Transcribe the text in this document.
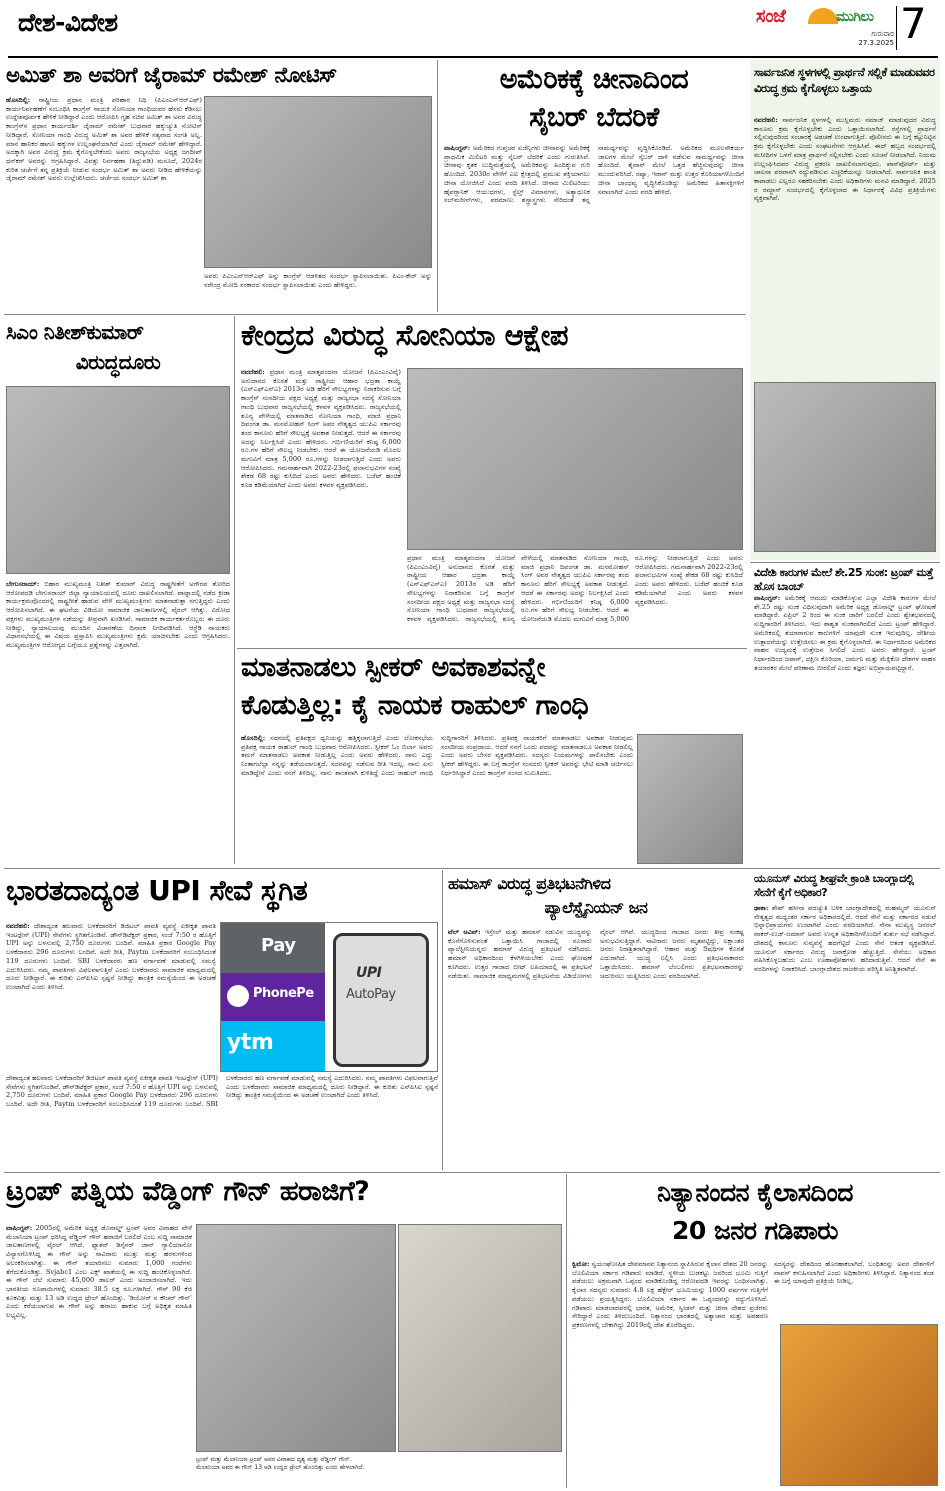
ದೇಶ-ವಿದೇಶ	ಸಂಜೆ	ಮುಗಿಲು
ಗುರುವಾರ
27.3.2025 7
ಅಮಿತ್ ಶಾ ಅವರಿಗೆ ಜೈರಾಮ್ ರಮೇಶ್ ನೋಟಿಸ್
ಹೊಸದಿಲ್ಲಿ: ರಾಷ್ಟ್ರೀಯ ಪ್ರಧಾನ ಮಂತ್ರಿ ಪರಿಹಾರ ನಿಧಿ (ಪಿಎಂಎನ್‍ಆರ್‍ಎಫ್) ಕಾರ್ಯನಿರ್ವಹಣೆಗೆ ಸಂಬಂಧಿಸಿ ಕಾಂಗ್ರೆಸ್ ನಾಯಕಿ ಸೋನಿಯಾ ಗಾಂಧಿಯವರ ಹೆಸರು ಕೆಡಿಸಲು ಉದ್ದೇಶಪೂರ್ವಕ ಹೇಳಿಕೆ ನೀಡಿದ್ದಾರೆ ಎಂದು ಆರೋಪಿಸಿ ಗೃಹ ಸಚಿವ ಅಮಿತ್ ಶಾ ಅವರ ವಿರುದ್ಧ ಕಾಂಗ್ರೆಸ್‍ನ ಪ್ರಧಾನ ಕಾರ್ಯದರ್ಶಿ ಜೈರಾಮ್ ರಮೇಶ್ ಬುಧವಾರ ಹಕ್ಕುಚ್ಯುತಿ ನೋಟಿಸ್ ನೀಡಿದ್ದಾರೆ. ಸೋನಿಯಾ ಗಾಂಧಿ ವಿರುದ್ಧ ಅಮಿತ್ ಶಾ ಅವರ ಹೇಳಿಕೆ ಸತ್ಯವಾದ ಸಂಗತಿ ಅಲ್ಲ. ಮಾನ ಹಾನಿಕರ ಹಾಗೂ ಹಕ್ಕುಗಳ ಉಲ್ಲಂಘನೆಯಾಗಿದೆ ಎಂದು ಜೈರಾಮ್ ರಮೇಶ್ ಹೇಳಿದ್ದಾರೆ. ಅದಕ್ಕಾಗಿ ಅವರ ವಿರುದ್ಧ ಕ್ರಮ ಕೈಗೊಳ್ಳಬೇಕೆಂದು ಅವರು ರಾಜ್ಯಸಭೆಯ ಅಧ್ಯಕ್ಷ ಜಗದೀಪ್ ಧನ್‍ಕರ್ ಅವರನ್ನು ಆಗ್ರಹಿಸಿದ್ದಾರೆ. ವಿಪತ್ತು ನಿರ್ವಹಣಾ (ತಿದ್ದುಪಡಿ) ಮಸೂದೆ, 2024ರ ಕುರಿತ ಚರ್ಚೆಗೆ ತನ್ನ ಪ್ರತಿಕ್ರಿಯೆ ನೀಡುವ ಸಂದರ್ಭ ಅಮಿತ್ ಶಾ ಅವರು ನೀಡಿದ ಹೇಳಿಕೆಯನ್ನು ಜೈರಾಮ್ ರಮೇಶ್ ಅವರು ಉಲ್ಲೇಖಿಸಿದರು. ಚರ್ಚೆಯ ಸಂದರ್ಭ ಅಮಿತ್ ಶಾ
ಅವರು ಪಿಎಂಎನ್‍ಆರ್‍ಎಫ್ ಅನ್ನು ಕಾಂಗ್ರೆಸ್ ಆಡಳಿತದ ಸಂದರ್ಭ ಸ್ಥಾಪಿಸಲಾಯಿತು. ಪಿಎಂ-ಕೇರ್ ಅನ್ನು ನರೇಂದ್ರ ಮೋದಿ ಸರಕಾರದ ಸಂದರ್ಭ ಸ್ಥಾಪಿಸಲಾಯಿತು ಎಂದು ಹೇಳಿದ್ದರು.
ಅಮೆರಿಕಕ್ಕೆ ಚೀನಾದಿಂದ
ಸೈಬರ್ ಬೆದರಿಕೆ
ವಾಷಿಂಗ್ಟನ್: ಅಮೆರಿಕದ ಗುಪ್ತಚರ ಏಜೆನ್ಸಿಗಳು ಚೀನಾವನ್ನು ಅಮೆರಿಕಕ್ಕೆ ಪ್ರಾಥಮಿಕ ಮಿಲಿಟರಿ ಮತ್ತು ಸೈಬರ್ ಬೆದರಿಕೆ ಎಂದು ಗುರುತಿಸಿವೆ. ಚೀನಾವು ಕೃತಕ ಬುದ್ಧಿಮತ್ತೆಯಲ್ಲಿ ಅಮೆರಿಕವನ್ನು ಹಿಂದಿಕ್ಕುವ ಗುರಿ ಹೊಂದಿದೆ. 2030ರ ವೇಳೆಗೆ ಎಐ ಕ್ಷೇತ್ರದಲ್ಲಿ ಪ್ರಮುಖ ಶಕ್ತಿಯಾಗಲು ಚೀನಾ ಯೋಜಿಸಿದೆ ಎಂದು ವರದಿ ತಿಳಿಸಿದೆ. ಚೀನಾದ ಮಿಲಿಟರಿಯು ಹೈಪರ್‍ಸಾನಿಕ್ ಆಯುಧಗಳು, ಸ್ಟೆಲ್ತ್ ವಿಮಾನಗಳು, ಅತ್ಯಾಧುನಿಕ ಸಬ್‍ಮರೀನ್‍ಗಳು, ಪರಮಾಣು ಶಸ್ತ್ರಾಸ್ತ್ರಗಳು ಸೇರಿದಂತೆ ತನ್ನ ಸಾಮರ್ಥ್ಯವನ್ನು ವೃದ್ಧಿಸಿಕೊಂಡಿದೆ. ಅಮೆರಿಕದ ಮೂಲಸೌಕರ್ಯ ಜಾಲಗಳ ಮೇಲೆ ಸೈಬರ್ ದಾಳಿ ನಡೆಸುವ ಸಾಮರ್ಥ್ಯವನ್ನು ಚೀನಾ ಹೊಂದಿದೆ. ತೈವಾನ್ ಮೇಲೆ ಒತ್ತಡ ಹೆಚ್ಚಿಸುವುದನ್ನು ಚೀನಾ ಮುಂದುವರಿಸಿದೆ. ರಷ್ಯಾ, ಇರಾನ್ ಮತ್ತು ಉತ್ತರ ಕೊರಿಯಾಗಳೊಂದಿಗೆ ಚೀನಾ ಬಾಂಧವ್ಯ ವೃದ್ಧಿಸಿಕೊಂಡಿದ್ದು ಅಮೆರಿಕದ ಹಿತಾಸಕ್ತಿಗಳಿಗೆ ಸವಾಲಾಗಿದೆ ಎಂದು ವರದಿ ಹೇಳಿದೆ.
ಸಾರ್ವಜನಿಕ ಸ್ಥಳಗಳಲ್ಲಿ ಪ್ರಾರ್ಥನೆ ಸಲ್ಲಿಕೆ ಮಾಡುವವರ ವಿರುದ್ಧ ಕ್ರಮ ಕೈಗೊಳ್ಳಲು ಒತ್ತಾಯ
ನವದೆಹಲಿ: ಸಾರ್ವಜನಿಕ ಸ್ಥಳಗಳಲ್ಲಿ ಮುಸ್ಲಿಮರು ನಮಾಜ್ ಮಾಡುವುದರ ವಿರುದ್ಧ ಕಾನೂನು ಕ್ರಮ ಕೈಗೊಳ್ಳಬೇಕು ಎಂದು ಒತ್ತಾಯಿಸಲಾಗಿದೆ. ರಸ್ತೆಗಳಲ್ಲಿ ಪ್ರಾರ್ಥನೆ ಸಲ್ಲಿಸುವುದರಿಂದ ಸಂಚಾರಕ್ಕೆ ಅಡಚಣೆ ಉಂಟಾಗುತ್ತಿದೆ. ಪೊಲೀಸರು ಈ ಬಗ್ಗೆ ಕಟ್ಟುನಿಟ್ಟಿನ ಕ್ರಮ ಕೈಗೊಳ್ಳಬೇಕು ಎಂದು ಸಂಘಟನೆಗಳು ಆಗ್ರಹಿಸಿವೆ. ಈದ್ ಹಬ್ಬದ ಸಂದರ್ಭದಲ್ಲಿ ಮಸೀದಿಗಳ ಒಳಗೆ ಮಾತ್ರ ಪ್ರಾರ್ಥನೆ ಸಲ್ಲಿಸಬೇಕು ಎಂದು ಸೂಚನೆ ನೀಡಲಾಗಿದೆ. ನಿಯಮ ಉಲ್ಲಂಘಿಸಿದವರ ವಿರುದ್ಧ ಪ್ರಕರಣ ದಾಖಲಿಸಲಾಗುವುದು. ಪಾಸ್‍ಪೋರ್ಟ್ ಮತ್ತು ಚಾಲನಾ ಪರವಾನಗಿ ರದ್ದುಪಡಿಸುವ ಎಚ್ಚರಿಕೆಯನ್ನೂ ನೀಡಲಾಗಿದೆ. ಸಾರ್ವಜನಿಕ ಶಾಂತಿ ಕಾಪಾಡಲು ಎಲ್ಲರೂ ಸಹಕರಿಸಬೇಕು ಎಂದು ಅಧಿಕಾರಿಗಳು ಮನವಿ ಮಾಡಿದ್ದಾರೆ. 2025 ರ ರಮ್ಜಾನ್ ಸಂದರ್ಭದಲ್ಲಿ ಕೈಗೊಳ್ಳಲಾದ ಈ ನಿರ್ಧಾರಕ್ಕೆ ವಿವಿಧ ಪ್ರತಿಕ್ರಿಯೆಗಳು ವ್ಯಕ್ತವಾಗಿವೆ.
ಸಿಎಂ ನಿತೀಶ್‍ಕುಮಾರ್
ವಿರುದ್ಧದೂರು
ಬೇಗುಸರಾಯ್: ಬಿಹಾರ ಮುಖ್ಯಮಂತ್ರಿ ನಿತೀಶ್ ಕುಮಾರ್ ವಿರುದ್ಧ ರಾಷ್ಟ್ರಗೀತೆಗೆ ಅಗೌರವ ತೋರಿದ ಆರೋಪದಡಿ ಬೇಗುಸರಾಯ್ ಜಿಲ್ಲಾ ನ್ಯಾಯಾಲಯದಲ್ಲಿ ದೂರು ದಾಖಲಿಸಲಾಗಿದೆ. ಪಾಟ್ನಾದಲ್ಲಿ ನಡೆದ ಕ್ರೀಡಾ ಕಾರ್ಯಕ್ರಮವೊಂದರಲ್ಲಿ ರಾಷ್ಟ್ರಗೀತೆ ಹಾಡುವ ವೇಳೆ ಮುಖ್ಯಮಂತ್ರಿಗಳು ಮಾತನಾಡುತ್ತಾ ನಗುತ್ತಿದ್ದರು ಎಂದು ಆರೋಪಿಸಲಾಗಿದೆ. ಈ ಘಟನೆಯ ವಿಡಿಯೋ ಸಾಮಾಜಿಕ ಜಾಲತಾಣಗಳಲ್ಲಿ ವೈರಲ್ ಆಗಿತ್ತು. ವಿರೋಧ ಪಕ್ಷಗಳು ಮುಖ್ಯಮಂತ್ರಿಗಳ ನಡೆಯನ್ನು ತೀವ್ರವಾಗಿ ಖಂಡಿಸಿವೆ. ಸಾಮಾಜಿಕ ಕಾರ್ಯಕರ್ತರೊಬ್ಬರು ಈ ದೂರು ನೀಡಿದ್ದು, ನ್ಯಾಯಾಲಯವು ಮುಂದಿನ ವಿಚಾರಣೆಯ ದಿನಾಂಕ ನಿಗದಿಪಡಿಸಿದೆ. ಆರ್‍ಜೆಡಿ ನಾಯಕರು ವಿಧಾನಸಭೆಯಲ್ಲಿ ಈ ವಿಷಯ ಪ್ರಸ್ತಾಪಿಸಿ ಮುಖ್ಯಮಂತ್ರಿಗಳು ಕ್ಷಮೆ ಯಾಚಿಸಬೇಕು ಎಂದು ಆಗ್ರಹಿಸಿದರು. ಮುಖ್ಯಮಂತ್ರಿಗಳ ಆರೋಗ್ಯದ ಬಗ್ಗೆಯೂ ಪ್ರಶ್ನೆಗಳನ್ನು ಎತ್ತಲಾಗಿದೆ.
ಕೇಂದ್ರದ ವಿರುದ್ಧ ಸೋನಿಯಾ ಆಕ್ಷೇಪ
ನವದೆಹಲಿ: ಪ್ರಧಾನ ಮಂತ್ರಿ ಮಾತೃವಂದನಾ ಯೋಜನೆ (ಪಿಎಂಎಂವಿವೈ) ಅನುದಾನದ ಕೊರತೆ ಮತ್ತು ರಾಷ್ಟ್ರೀಯ ಆಹಾರ ಭದ್ರತಾ ಕಾಯ್ದೆ (ಎನ್‍ಎಫ್‍ಎಸ್‍ಎ) 2013ರ ಅಡಿ ಹೆರಿಗೆ ಸೌಲಭ್ಯಗಳನ್ನು ನಿರಾಕರಿಸುವ ಬಗ್ಗೆ ಕಾಂಗ್ರೆಸ್ ಸಂಸದೀಯ ಪಕ್ಷದ ಅಧ್ಯಕ್ಷೆ ಮತ್ತು ರಾಜ್ಯಸಭಾ ಸದಸ್ಯೆ ಸೋನಿಯಾ ಗಾಂಧಿ ಬುಧವಾರ ರಾಜ್ಯಸಭೆಯಲ್ಲಿ ಕಳವಳ ವ್ಯಕ್ತಪಡಿಸಿದರು. ರಾಜ್ಯಸಭೆಯಲ್ಲಿ ಶೂನ್ಯ ವೇಳೆಯಲ್ಲಿ ಮಾತನಾಡಿದ ಸೋನಿಯಾ ಗಾಂಧಿ, ಮಾಜಿ ಪ್ರಧಾನಿ ದಿವಂಗತ ಡಾ. ಮನಮೋಹನ್ ಸಿಂಗ್ ಅವರ ನೇತೃತ್ವದ ಯುಪಿಎ ಸರ್ಕಾರವು ತಂದ ಕಾನೂನು ಹೆರಿಗೆ ಸೌಲಭ್ಯಕ್ಕೆ ಅವಕಾಶ ನೀಡುತ್ತದೆ. ಆದರೆ ಈ ಸರ್ಕಾರವು ಅದನ್ನು ನಿರ್ಲಕ್ಷಿಸಿದೆ ಎಂದು ಹೇಳಿದರು. ಗರ್ಭಿಣಿಯರಿಗೆ ಕನಿಷ್ಠ 6,000 ರೂ.ಗಳ ಹೆರಿಗೆ ಸೌಲಭ್ಯ ನೀಡಬೇಕು. ಆದರೆ ಈ ಯೋಜನೆಯಡಿ ಮೊದಲ ಮಗುವಿಗೆ ಮಾತ್ರ 5,000 ರೂ.ಗಳನ್ನು ನೀಡಲಾಗುತ್ತಿದೆ ಎಂದು ಅವರು ಆರೋಪಿಸಿದರು. ಗಮನಾರ್ಹವಾಗಿ 2022-23ರಲ್ಲಿ ಫಲಾನುಭವಿಗಳ ಸಂಖ್ಯೆ ಶೇಕಡ 68 ರಷ್ಟು ಕುಸಿದಿದೆ ಎಂದು ಅವರು ಹೇಳಿದರು. ಬಜೆಟ್ ಹಂಚಿಕೆ ಕೂಡ ಕಡಿಮೆಯಾಗಿದೆ ಎಂದು ಅವರು ಕಳವಳ ವ್ಯಕ್ತಪಡಿಸಿದರು.
ಪ್ರಧಾನ ಮಂತ್ರಿ ಮಾತೃವಂದನಾ ಯೋಜನೆ (ಪಿಎಂಎಂವಿವೈ) ಅನುದಾನದ ಕೊರತೆ ಮತ್ತು ರಾಷ್ಟ್ರೀಯ ಆಹಾರ ಭದ್ರತಾ ಕಾಯ್ದೆ (ಎನ್‍ಎಫ್‍ಎಸ್‍ಎ) 2013ರ ಅಡಿ ಹೆರಿಗೆ ಸೌಲಭ್ಯಗಳನ್ನು ನಿರಾಕರಿಸುವ ಬಗ್ಗೆ ಕಾಂಗ್ರೆಸ್ ಸಂಸದೀಯ ಪಕ್ಷದ ಅಧ್ಯಕ್ಷೆ ಮತ್ತು ರಾಜ್ಯಸಭಾ ಸದಸ್ಯೆ ಸೋನಿಯಾ ಗಾಂಧಿ ಬುಧವಾರ ರಾಜ್ಯಸಭೆಯಲ್ಲಿ ಕಳವಳ ವ್ಯಕ್ತಪಡಿಸಿದರು. ರಾಜ್ಯಸಭೆಯಲ್ಲಿ ಶೂನ್ಯ ವೇಳೆಯಲ್ಲಿ ಮಾತನಾಡಿದ ಸೋನಿಯಾ ಗಾಂಧಿ, ಮಾಜಿ ಪ್ರಧಾನಿ ದಿವಂಗತ ಡಾ. ಮನಮೋಹನ್ ಸಿಂಗ್ ಅವರ ನೇತೃತ್ವದ ಯುಪಿಎ ಸರ್ಕಾರವು ತಂದ ಕಾನೂನು ಹೆರಿಗೆ ಸೌಲಭ್ಯಕ್ಕೆ ಅವಕಾಶ ನೀಡುತ್ತದೆ. ಆದರೆ ಈ ಸರ್ಕಾರವು ಅದನ್ನು ನಿರ್ಲಕ್ಷಿಸಿದೆ ಎಂದು ಹೇಳಿದರು. ಗರ್ಭಿಣಿಯರಿಗೆ ಕನಿಷ್ಠ 6,000 ರೂ.ಗಳ ಹೆರಿಗೆ ಸೌಲಭ್ಯ ನೀಡಬೇಕು. ಆದರೆ ಈ ಯೋಜನೆಯಡಿ ಮೊದಲ ಮಗುವಿಗೆ ಮಾತ್ರ 5,000 ರೂ.ಗಳನ್ನು ನೀಡಲಾಗುತ್ತಿದೆ ಎಂದು ಅವರು ಆರೋಪಿಸಿದರು. ಗಮನಾರ್ಹವಾಗಿ 2022-23ರಲ್ಲಿ ಫಲಾನುಭವಿಗಳ ಸಂಖ್ಯೆ ಶೇಕಡ 68 ರಷ್ಟು ಕುಸಿದಿದೆ ಎಂದು ಅವರು ಹೇಳಿದರು. ಬಜೆಟ್ ಹಂಚಿಕೆ ಕೂಡ ಕಡಿಮೆಯಾಗಿದೆ ಎಂದು ಅವರು ಕಳವಳ ವ್ಯಕ್ತಪಡಿಸಿದರು.
ವಿದೇಶಿ ಕಾರುಗಳ ಮೇಲೆ ಶೇ.25 ಸುಂಕ: ಟ್ರಂಪ್ ಮತ್ತೆ ಹೊಸ ಬಾಂಬ್
ವಾಷಿಂಗ್ಟನ್: ಅಮೆರಿಕಕ್ಕೆ ಆಮದು ಮಾಡಿಕೊಳ್ಳುವ ಎಲ್ಲಾ ವಿದೇಶಿ ಕಾರುಗಳ ಮೇಲೆ ಶೇ.25 ರಷ್ಟು ಸುಂಕ ವಿಧಿಸುವುದಾಗಿ ಅಮೆರಿಕ ಅಧ್ಯಕ್ಷ ಡೊನಾಲ್ಡ್ ಟ್ರಂಪ್ ಘೋಷಣೆ ಮಾಡಿದ್ದಾರೆ. ಏಪ್ರಿಲ್ 2 ರಿಂದ ಈ ಸುಂಕ ಜಾರಿಗೆ ಬರಲಿದೆ ಎಂದು ಶ್ವೇತಭವನದಲ್ಲಿ ಸುದ್ದಿಗಾರರಿಗೆ ತಿಳಿಸಿದರು. ಇದು ಶಾಶ್ವತ ಸುಂಕವಾಗಿರಲಿದೆ ಎಂದು ಟ್ರಂಪ್ ಹೇಳಿದ್ದಾರೆ. ಅಮೆರಿಕದಲ್ಲಿ ತಯಾರಾಗುವ ಕಾರುಗಳಿಗೆ ಯಾವುದೇ ಸುಂಕ ಇರುವುದಿಲ್ಲ. ದೇಶೀಯ ಉತ್ಪಾದನೆಯನ್ನು ಉತ್ತೇಜಿಸಲು ಈ ಕ್ರಮ ಕೈಗೊಳ್ಳಲಾಗಿದೆ. ಈ ನಿರ್ಧಾರದಿಂದ ಅಮೆರಿಕದ ವಾಹನ ಉದ್ಯಮಕ್ಕೆ ಉತ್ತೇಜನ ಸಿಗಲಿದೆ ಎಂದು ಅವರು ಹೇಳಿದ್ದಾರೆ. ಟ್ರಂಪ್ ನಿರ್ಧಾರದಿಂದ ಜಪಾನ್, ದಕ್ಷಿಣ ಕೊರಿಯಾ, ಜರ್ಮನಿ ಮತ್ತು ಮೆಕ್ಸಿಕೋ ದೇಶಗಳ ವಾಹನ ತಯಾರಕರ ಮೇಲೆ ಪರಿಣಾಮ ಬೀರಲಿದೆ ಎಂದು ತಜ್ಞರು ಅಭಿಪ್ರಾಯಪಟ್ಟಿದ್ದಾರೆ.
ಮಾತನಾಡಲು ಸ್ಪೀಕರ್ ಅವಕಾಶವನ್ನೇ
ಕೊಡುತ್ತಿಲ್ಲ: ಕೈ ನಾಯಕ ರಾಹುಲ್ ಗಾಂಧಿ
ಹೊಸದಿಲ್ಲಿ: ಸದನದಲ್ಲಿ ಪ್ರತಿಪಕ್ಷದ ಧ್ವನಿಯನ್ನು ಹತ್ತಿಕ್ಕಲಾಗುತ್ತಿದೆ ಎಂದು ಲೋಕಸಭೆಯ ಪ್ರತಿಪಕ್ಷ ನಾಯಕ ರಾಹುಲ್ ಗಾಂಧಿ ಬುಧವಾರ ಆರೋಪಿಸಿದರು. ಸ್ಪೀಕರ್ ಓಂ ಬಿರ್ಲಾ ಅವರು ತಮಗೆ ಮಾತನಾಡಲು ಅವಕಾಶ ನೀಡುತ್ತಿಲ್ಲ ಎಂದು ಅವರು ಹೇಳಿದರು. ನಾನು ಎದ್ದು ನಿಂತಾಗಲೆಲ್ಲಾ ನನ್ನನ್ನು ತಡೆಯಲಾಗುತ್ತದೆ. ಸದನವನ್ನು ನಡೆಸುವ ರೀತಿ ಇದಲ್ಲ. ನಾನು ಏನು ಮಾಡಿದ್ದೇನೆ ಎಂದು ನನಗೆ ತಿಳಿದಿಲ್ಲ. ನಾನು ಶಾಂತವಾಗಿ ಕುಳಿತಿದ್ದೆ ಎಂದು ರಾಹುಲ್ ಗಾಂಧಿ ಸುದ್ದಿಗಾರರಿಗೆ ತಿಳಿಸಿದರು. ಪ್ರತಿಪಕ್ಷ ನಾಯಕರಿಗೆ ಮಾತನಾಡಲು ಅವಕಾಶ ನೀಡುವುದು ಸಂಸದೀಯ ಸಂಪ್ರದಾಯ. ಆದರೆ ನನಗೆ ಒಂದು ಪದವನ್ನು ಮಾತನಾಡಲೂ ಅವಕಾಶ ನೀಡಲಿಲ್ಲ ಎಂದು ಅವರು ಬೇಸರ ವ್ಯಕ್ತಪಡಿಸಿದರು. ಸದಸ್ಯರು ನಿಯಮಗಳನ್ನು ಪಾಲಿಸಬೇಕು ಎಂದು ಸ್ಪೀಕರ್ ಹೇಳಿದ್ದರು. ಈ ಬಗ್ಗೆ ಕಾಂಗ್ರೆಸ್ ಸಂಸದರು ಸ್ಪೀಕರ್ ಅವರನ್ನು ಭೇಟಿ ಮಾಡಿ ಚರ್ಚಿಸಲು ನಿರ್ಧರಿಸಿದ್ದಾರೆ ಎಂದು ಕಾಂಗ್ರೆಸ್ ಸಂಸದ ಸುಮಿತಿದರು.
ಯೂನುಸ್ ವಿರುದ್ಧ ಶೀಘ್ರವೇ ಕ್ರಾಂತಿ ಬಾಂಗ್ಲಾದಲ್ಲಿ ಸೇನೆಗೆ ಕೈಗೆ ಅಧಿಕಾರ?
ಢಾಕಾ: ಶೇಖ್ ಹಸೀನಾ ಪದಚ್ಯುತಿ ಬಳಿಕ ಬಾಂಗ್ಲಾದೇಶದಲ್ಲಿ ಮಹಮ್ಮದ್ ಯೂನುಸ್ ನೇತೃತ್ವದ ಮಧ್ಯಂತರ ಸರ್ಕಾರ ಅಧಿಕಾರದಲ್ಲಿದೆ. ಆದರೆ ಸೇನೆ ಮತ್ತು ಸರ್ಕಾರದ ನಡುವೆ ಭಿನ್ನಾಭಿಪ್ರಾಯಗಳು ಉಂಟಾಗಿವೆ ಎಂದು ವರದಿಯಾಗಿದೆ. ಸೇನಾ ಮುಖ್ಯಸ್ಥ ಜನರಲ್ ವಾಕರ್-ಉಜ್-ಜಮಾನ್ ಅವರು ಉನ್ನತ ಅಧಿಕಾರಿಗಳೊಂದಿಗೆ ತುರ್ತು ಸಭೆ ನಡೆಸಿದ್ದಾರೆ. ದೇಶದಲ್ಲಿ ಕಾನೂನು ಸುವ್ಯವಸ್ಥೆ ಹದಗೆಟ್ಟಿದೆ ಎಂದು ಸೇನೆ ಆತಂಕ ವ್ಯಕ್ತಪಡಿಸಿದೆ. ಯೂನುಸ್ ಸರ್ಕಾರದ ವಿರುದ್ಧ ಜನಾಕ್ರೋಶ ಹೆಚ್ಚುತ್ತಿದೆ. ಸೇನೆಯು ಅಧಿಕಾರ ವಹಿಸಿಕೊಳ್ಳಬಹುದು ಎಂಬ ಊಹಾಪೋಹಗಳು ಹರಿದಾಡುತ್ತಿವೆ. ಆದರೆ ಸೇನೆ ಈ ವರದಿಗಳನ್ನು ನಿರಾಕರಿಸಿದೆ. ಬಾಂಗ್ಲಾದೇಶದ ರಾಜಕೀಯ ಪರಿಸ್ಥಿತಿ ಅನಿಶ್ಚಿತವಾಗಿದೆ.
ಭಾರತದಾದ್ಯಂತ UPI ಸೇವೆ ಸ್ಥಗಿತ
ನವದೆಹಲಿ: ದೇಶಾದ್ಯಂತ ಹಲವಾರು ಬಳಕೆದಾರರಿಗೆ ಡಿಜಿಟಲ್ ಪಾವತಿ ವ್ಯವಸ್ಥೆ ಏಕೀಕೃತ ಪಾವತಿ ಇಂಟರ್‍ಫೇಸ್ (UPI) ಸೇವೆಗಳು ಸ್ಥಗಿತಗೊಂಡಿವೆ. ಡೌನ್‍ಡಿಟೆಕ್ಟರ್ ಪ್ರಕಾರ, ಸಂಜೆ 7:50 ರ ಹೊತ್ತಿಗೆ UPI ಅನ್ನು ಬಳಸುವಲ್ಲಿ 2,750 ದೂರುಗಳು ಬಂದಿವೆ. ಮಾಹಿತಿ ಪ್ರಕಾರ Google Pay ಬಳಕೆದಾರರು 296 ದೂರುಗಳು ಬಂದಿವೆ. ಅದೇ ರೀತಿ, Paytm ಬಳಕೆದಾರರಿಗೆ ಸಂಬಂಧಿಸಿದಂತೆ 119 ದೂರುಗಳು ಬಂದಿವೆ. SBI ಬಳಕೆದಾರರು ಹಣ ವರ್ಗಾವಣೆ ಮಾಡುವಲ್ಲಿ ಸಮಸ್ಯೆ ಎದುರಿಸಿದರು. ನಮ್ಮ ಪಾವತಿಗಳು ವಿಫಲವಾಗುತ್ತಿವೆ ಎಂದು ಬಳಕೆದಾರರು ಸಾಮಾಜಿಕ ಮಾಧ್ಯಮದಲ್ಲಿ ದೂರು ನೀಡಿದ್ದಾರೆ. ಈ ಕುರಿತು ಎನ್‍ಪಿಸಿಐ ಸ್ಪಷ್ಟನೆ ನೀಡಿದ್ದು ತಾಂತ್ರಿಕ ಸಮಸ್ಯೆಯಿಂದ ಈ ಅಡಚಣೆ ಉಂಟಾಗಿದೆ ಎಂದು ತಿಳಿಸಿದೆ.
Pay
PhonePe
ytm
UPI
AutoPay
ದೇಶಾದ್ಯಂತ ಹಲವಾರು ಬಳಕೆದಾರರಿಗೆ ಡಿಜಿಟಲ್ ಪಾವತಿ ವ್ಯವಸ್ಥೆ ಏಕೀಕೃತ ಪಾವತಿ ಇಂಟರ್‍ಫೇಸ್ (UPI) ಸೇವೆಗಳು ಸ್ಥಗಿತಗೊಂಡಿವೆ. ಡೌನ್‍ಡಿಟೆಕ್ಟರ್ ಪ್ರಕಾರ, ಸಂಜೆ 7:50 ರ ಹೊತ್ತಿಗೆ UPI ಅನ್ನು ಬಳಸುವಲ್ಲಿ 2,750 ದೂರುಗಳು ಬಂದಿವೆ. ಮಾಹಿತಿ ಪ್ರಕಾರ Google Pay ಬಳಕೆದಾರರು 296 ದೂರುಗಳು ಬಂದಿವೆ. ಅದೇ ರೀತಿ, Paytm ಬಳಕೆದಾರರಿಗೆ ಸಂಬಂಧಿಸಿದಂತೆ 119 ದೂರುಗಳು ಬಂದಿವೆ. SBI ಬಳಕೆದಾರರು ಹಣ ವರ್ಗಾವಣೆ ಮಾಡುವಲ್ಲಿ ಸಮಸ್ಯೆ ಎದುರಿಸಿದರು. ನಮ್ಮ ಪಾವತಿಗಳು ವಿಫಲವಾಗುತ್ತಿವೆ ಎಂದು ಬಳಕೆದಾರರು ಸಾಮಾಜಿಕ ಮಾಧ್ಯಮದಲ್ಲಿ ದೂರು ನೀಡಿದ್ದಾರೆ. ಈ ಕುರಿತು ಎನ್‍ಪಿಸಿಐ ಸ್ಪಷ್ಟನೆ ನೀಡಿದ್ದು ತಾಂತ್ರಿಕ ಸಮಸ್ಯೆಯಿಂದ ಈ ಅಡಚಣೆ ಉಂಟಾಗಿದೆ ಎಂದು ತಿಳಿಸಿದೆ.
ಹಮಾಸ್ ವಿರುದ್ಧ ಪ್ರತಿಭಟನೆಗಿಳಿದ
ಪ್ಯಾಲೆಸ್ಟೈನಿಯನ್ ಜನ
ಟೆಲ್ ಅವಿವ್: ಇಸ್ರೇಲ್ ಮತ್ತು ಹಮಾಸ್ ನಡುವಿನ ಯುದ್ಧವನ್ನು ಕೊನೆಗೊಳಿಸುವಂತೆ ಒತ್ತಾಯಿಸಿ ಗಾಜಾದಲ್ಲಿ ನೂರಾರು ಪ್ಯಾಲೆಸ್ಟೀನಿಯನ್ನರು ಹಮಾಸ್ ವಿರುದ್ಧ ಪ್ರತಿಭಟನೆ ನಡೆಸಿದರು. ಹಮಾಸ್ ಅಧಿಕಾರದಿಂದ ಕೆಳಗಿಳಿಯಬೇಕು ಎಂದು ಘೋಷಣೆ ಕೂಗಿದರು. ಉತ್ತರ ಗಾಜಾದ ಬೀಟ್ ಲಹಿಯಾದಲ್ಲಿ ಈ ಪ್ರತಿಭಟನೆ ನಡೆಯಿತು. ಸಾಮಾಜಿಕ ಮಾಧ್ಯಮಗಳಲ್ಲಿ ಪ್ರತಿಭಟನೆಯ ವಿಡಿಯೋಗಳು ವೈರಲ್ ಆಗಿವೆ. ಯುದ್ಧದಿಂದ ಗಾಜಾದ ಜನರು ತೀವ್ರ ಸಂಕಷ್ಟ ಅನುಭವಿಸುತ್ತಿದ್ದಾರೆ. ಸಾವಿರಾರು ಜನರು ಮೃತಪಟ್ಟಿದ್ದು, ಲಕ್ಷಾಂತರ ಜನರು ನಿರಾಶ್ರಿತರಾಗಿದ್ದಾರೆ. ಆಹಾರ ಮತ್ತು ಔಷಧಿಗಳ ಕೊರತೆ ಎದುರಾಗಿದೆ. ಯುದ್ಧ ನಿಲ್ಲಿಸಿ ಎಂದು ಪ್ರತಿಭಟನಾಕಾರರು ಒತ್ತಾಯಿಸಿದರು. ಹಮಾಸ್ ಬೆಂಬಲಿಗರು ಪ್ರತಿಭಟನಾಕಾರರನ್ನು ಚದುರಿಸಲು ಯತ್ನಿಸಿದರು ಎಂದು ವರದಿಯಾಗಿದೆ.
ಟ್ರಂಪ್ ಪತ್ನಿಯ ವೆಡ್ಡಿಂಗ್ ಗೌನ್ ಹರಾಜಿಗೆ?
ವಾಷಿಂಗ್ಟನ್: 2005ರಲ್ಲಿ ಅಮೆರಿಕ ಅಧ್ಯಕ್ಷ ಡೊನಾಲ್ಡ್ ಟ್ರಂಪ್ ಅವರ ವಿವಾಹದ ವೇಳೆ ಮೆಲಾನಿಯಾ ಟ್ರಂಪ್ ಧರಿಸಿದ್ದ ವೆಡ್ಡಿಂಗ್ ಗೌನ್ ಹರಾಜಿಗೆ ಬರಲಿದೆ ಎಂಬ ಸುದ್ದಿ ಸಾಮಾಜಿಕ ಜಾಲತಾಣಗಳಲ್ಲಿ ವೈರಲ್ ಆಗಿದೆ. ಫ್ಯಾಶನ್ ಡಿಸೈನರ್ ಜಾನ್ ಗ್ಯಾಲಿಯಾನೋ ವಿನ್ಯಾಸಗೊಳಿಸಿದ್ದ ಈ ಗೌನ್ ಅನ್ನು ಸಾವಿರಾರು ಮುತ್ತು ಮತ್ತು ಹರಳುಗಳಿಂದ ಅಲಂಕರಿಸಲಾಗಿತ್ತು. ಈ ಗೌನ್ ತಯಾರಿಸಲು ಸುಮಾರು 1,000 ಗಂಟೆಗಳು ತೆಗೆದುಕೊಂಡಿತ್ತು. Svjabc1 ಎಂಬ ಎಕ್ಸ್ ಖಾತೆಯಲ್ಲಿ ಈ ಸುದ್ದಿ ಹಂಚಿಕೊಳ್ಳಲಾಗಿದೆ. ಈ ಗೌನ್ ಬೆಲೆ ಸುಮಾರು 45,000 ಡಾಲರ್ ಎಂದು ಅಂದಾಜಿಸಲಾಗಿದೆ. ಇದು ಭಾರತೀಯ ರೂಪಾಯಿಗಳಲ್ಲಿ ಸುಮಾರು 38.5 ಲಕ್ಷ ರೂ.ಗಳಾಗಿದೆ. ಗೌನ್ 90 ಕೆಜಿ ತೂಕವಿತ್ತು ಮತ್ತು 13 ಅಡಿ ಉದ್ದದ ಟ್ರೇಲ್ ಹೊಂದಿತ್ತು. 'ಡಿಯೋರ್ ನ ಕೌಚರ್ ಗೌನ್' ಎಂದು ಕರೆಯಲಾಗುವ ಈ ಗೌನ್ ಅನ್ನು ಹರಾಜು ಹಾಕುವ ಬಗ್ಗೆ ಅಧಿಕೃತ ಮಾಹಿತಿ ಲಭ್ಯವಿಲ್ಲ.
ಟ್ರಂಪ್ ಮತ್ತು ಮೆಲಾನಿಯಾ ಟ್ರಂಪ್ ಅವರ ವಿವಾಹದ ದೃಶ್ಯ ಮತ್ತು ವೆಡ್ಡಿಂಗ್ ಗೌನ್. ಮೆಲಾನಿಯಾ ಅವರ ಈ ಗೌನ್ 13 ಅಡಿ ಉದ್ದದ ಟ್ರೇಲ್ ಹೊಂದಿತ್ತು ಎಂದು ಹೇಳಲಾಗಿದೆ.
ನಿತ್ಯಾನಂದನ ಕೈಲಾಸದಿಂದ
20 ಜನರ ಗಡಿಪಾರು
ಕ್ವಿಟೋ: ಸ್ವಯಂಘೋಷಿತ ದೇವಮಾನವ ನಿತ್ಯಾನಂದ ಸ್ಥಾಪಿಸಿರುವ ಕೈಲಾಸ ದೇಶದ 20 ಜನರನ್ನು ಬೊಲಿವಿಯಾ ಸರ್ಕಾರ ಗಡಿಪಾರು ಮಾಡಿದೆ. ಸ್ಥಳೀಯ ಬುಡಕಟ್ಟು ಜನರಿಂದ ಭೂಮಿ ಗುತ್ತಿಗೆ ಪಡೆಯಲು ಅಕ್ರಮವಾಗಿ ಒಪ್ಪಂದ ಮಾಡಿಕೊಂಡಿದ್ದ ಆರೋಪದಡಿ ಇವರನ್ನು ಬಂಧಿಸಲಾಗಿತ್ತು. ಕೈಲಾಸ ಸದಸ್ಯರು ಸುಮಾರು 4.8 ಲಕ್ಷ ಹೆಕ್ಟೇರ್ ಭೂಮಿಯನ್ನು 1000 ವರ್ಷಗಳ ಗುತ್ತಿಗೆಗೆ ಪಡೆಯಲು ಪ್ರಯತ್ನಿಸಿದ್ದರು. ಬೊಲಿವಿಯಾ ಸರ್ಕಾರ ಈ ಒಪ್ಪಂದವನ್ನು ರದ್ದುಗೊಳಿಸಿದೆ. ಗಡಿಪಾರು ಮಾಡಲಾದವರಲ್ಲಿ ಭಾರತ, ಅಮೆರಿಕ, ಸ್ವೀಡನ್ ಮತ್ತು ಚೀನಾ ದೇಶದ ಪ್ರಜೆಗಳು ಸೇರಿದ್ದಾರೆ ಎಂದು ತಿಳಿದುಬಂದಿದೆ. ನಿತ್ಯಾನಂದ ಭಾರತದಲ್ಲಿ ಅತ್ಯಾಚಾರ ಮತ್ತು ಅಪಹರಣ ಪ್ರಕರಣಗಳಲ್ಲಿ ಬೇಕಾಗಿದ್ದು 2019ರಲ್ಲಿ ದೇಶ ತೊರೆದಿದ್ದರು.
ಸದಸ್ಯರನ್ನು ದೇಶದಿಂದ ಹೊರಹಾಕಲಾಗಿದೆ. ಬಂಧಿತರನ್ನು ಅವರ ದೇಶಗಳಿಗೆ ವಾಪಸ್ ಕಳುಹಿಸಲಾಗಿದೆ ಎಂದು ಅಧಿಕಾರಿಗಳು ತಿಳಿಸಿದ್ದಾರೆ. ನಿತ್ಯಾನಂದ ತಂಡ ಈ ಬಗ್ಗೆ ಯಾವುದೇ ಪ್ರತಿಕ್ರಿಯೆ ನೀಡಿಲ್ಲ.
